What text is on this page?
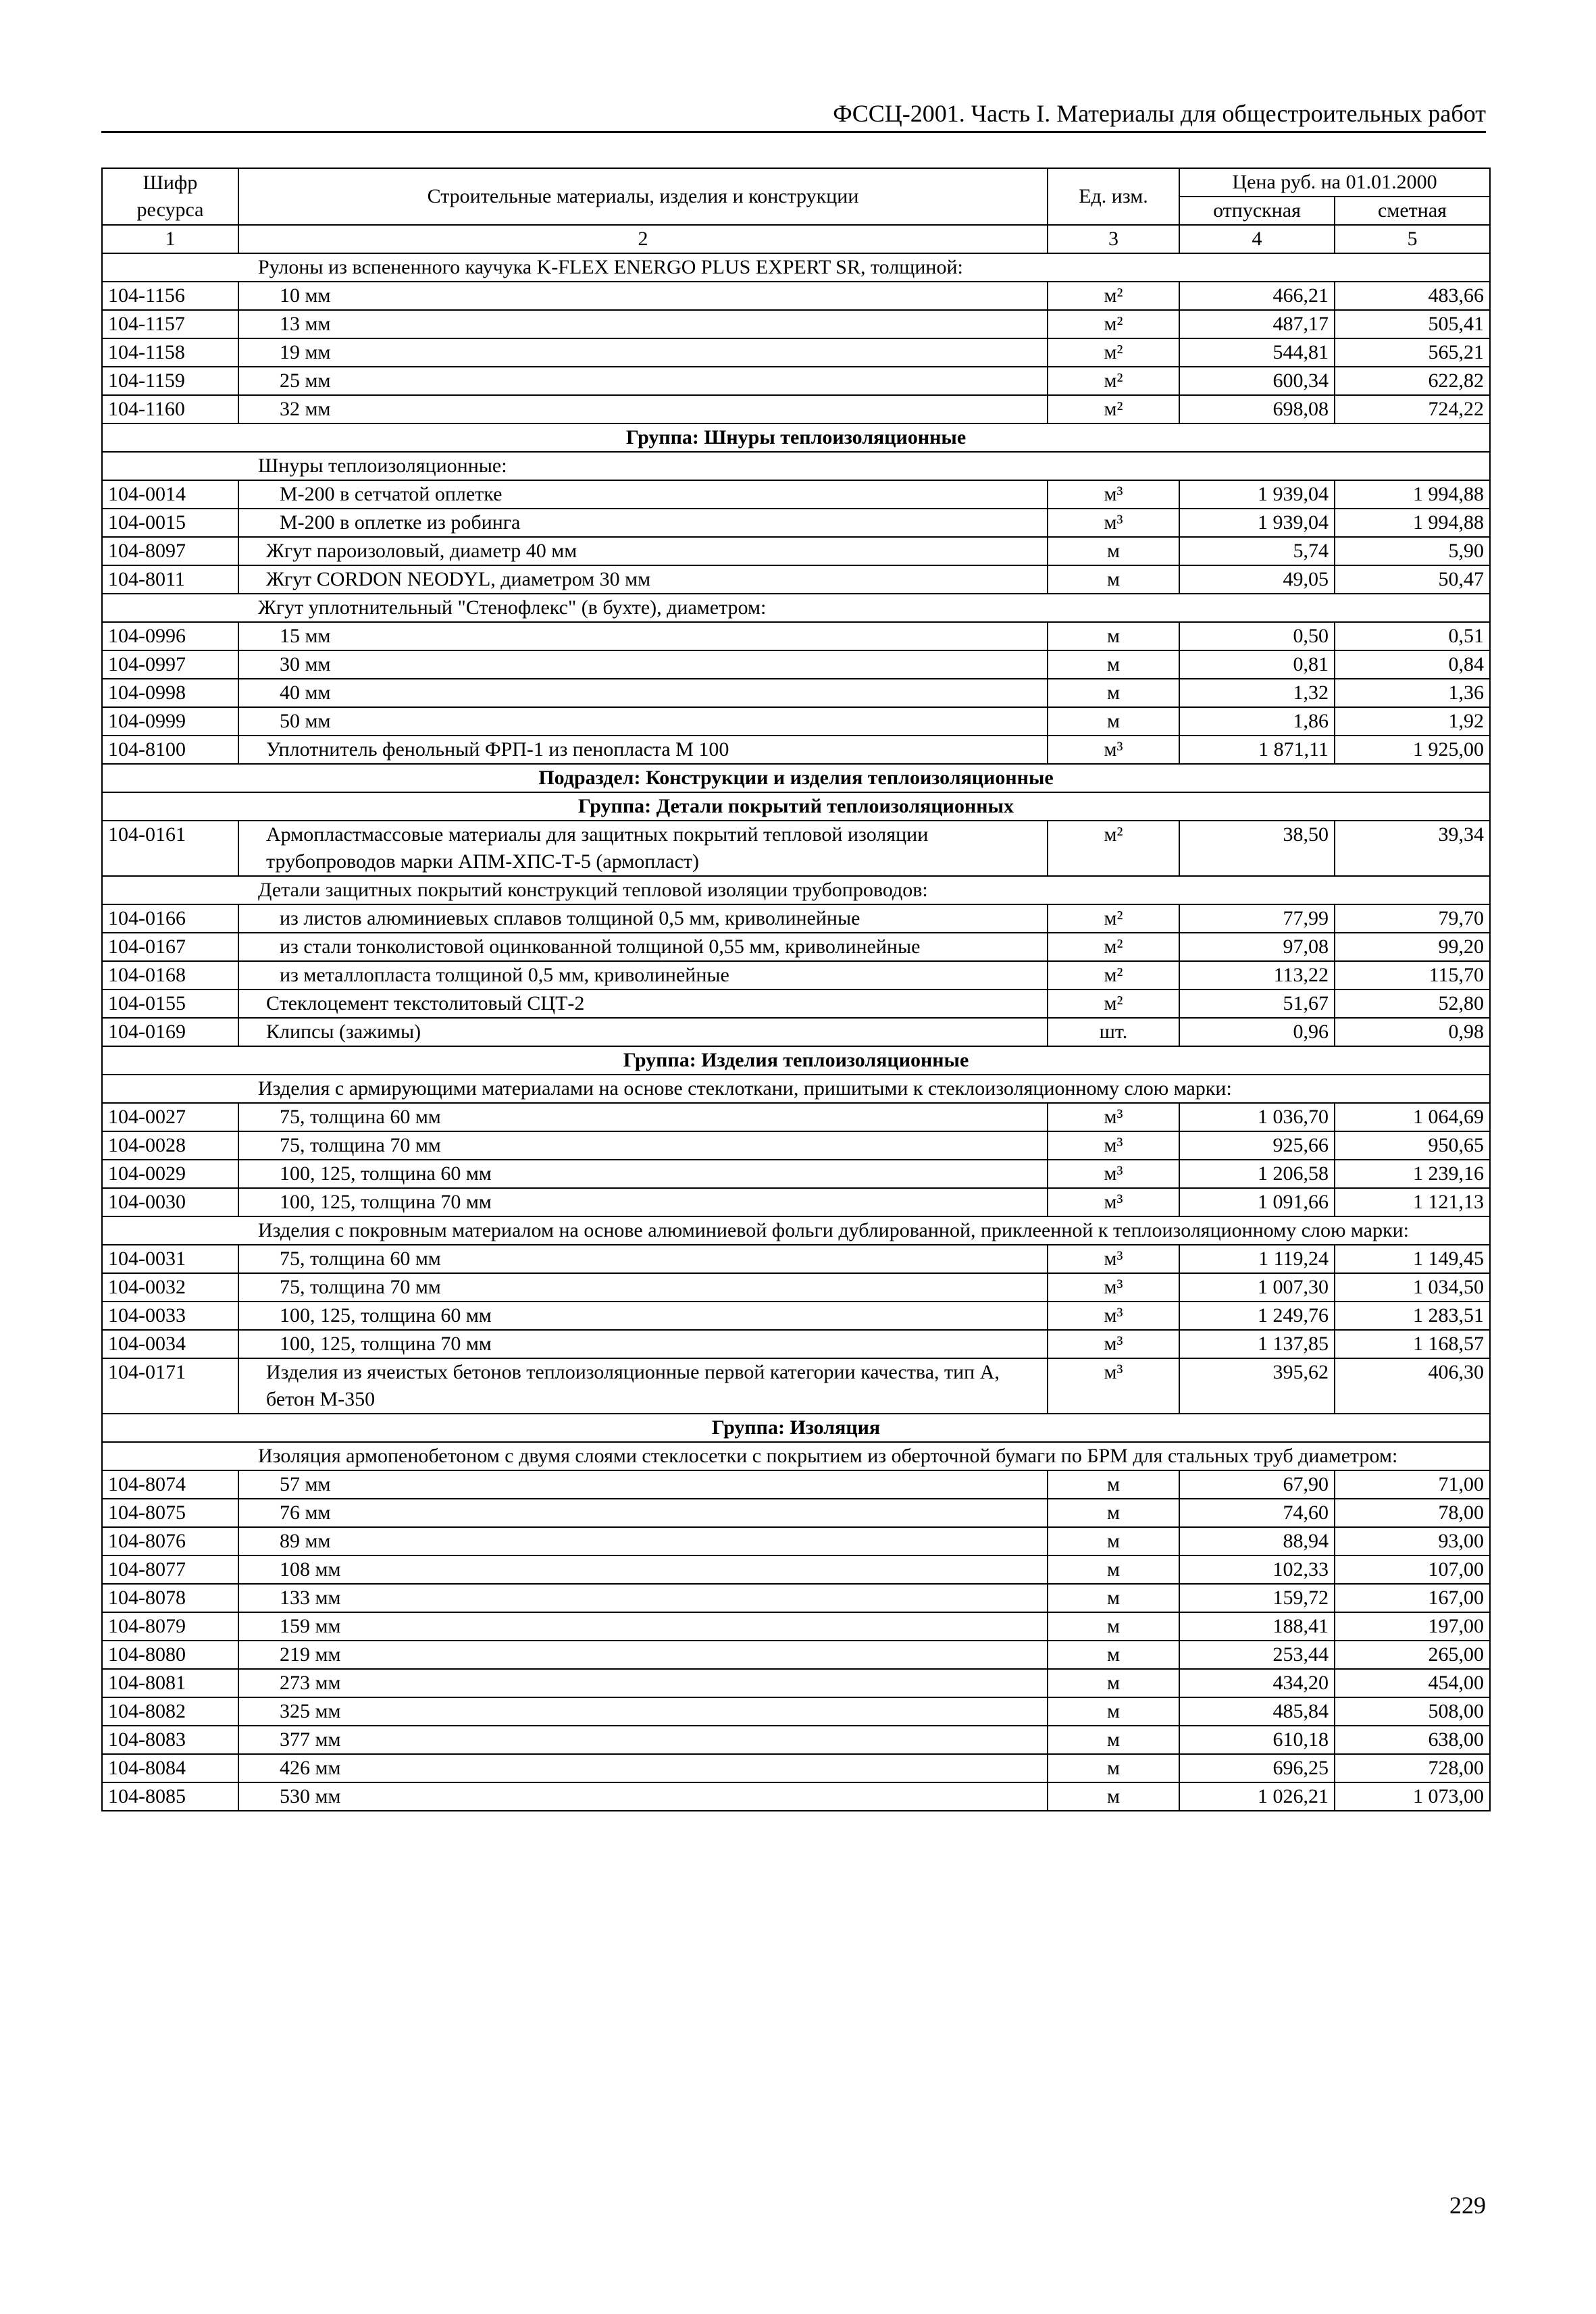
ФССЦ-2001. Часть I. Материалы для общестроительных работ
Шифр ресурса	Строительные материалы, изделия и конструкции	Ед. изм.	Цена руб. на 01.01.2000	
			отпускная	сметная
1	2	3	4	5
Рулоны из вспененного каучука K-FLEX ENERGO PLUS EXPERT SR, толщиной:				
104-1156	10 мм	м²	466,21	483,66
104-1157	13 мм	м²	487,17	505,41
104-1158	19 мм	м²	544,81	565,21
104-1159	25 мм	м²	600,34	622,82
104-1160	32 мм	м²	698,08	724,22
Группа: Шнуры теплоизоляционные				
Шнуры теплоизоляционные:				
104-0014	М-200 в сетчатой оплетке	м³	1 939,04	1 994,88
104-0015	М-200 в оплетке из робинга	м³	1 939,04	1 994,88
104-8097	Жгут пароизоловый, диаметр 40 мм	м	5,74	5,90
104-8011	Жгут CORDON NEODYL, диаметром 30 мм	м	49,05	50,47
Жгут уплотнительный "Стенофлекс" (в бухте), диаметром:				
104-0996	15 мм	м	0,50	0,51
104-0997	30 мм	м	0,81	0,84
104-0998	40 мм	м	1,32	1,36
104-0999	50 мм	м	1,86	1,92
104-8100	Уплотнитель фенольный ФРП-1 из пенопласта М 100	м³	1 871,11	1 925,00
Подраздел: Конструкции и изделия теплоизоляционные				
Группа: Детали покрытий теплоизоляционных				
104-0161	Армопластмассовые материалы для защитных покрытий тепловой изоляции трубопроводов марки АПМ-ХПС-Т-5 (армопласт)	м²	38,50	39,34
Детали защитных покрытий конструкций тепловой изоляции трубопроводов:				
104-0166	из листов алюминиевых сплавов толщиной 0,5 мм, криволинейные	м²	77,99	79,70
104-0167	из стали тонколистовой оцинкованной толщиной 0,55 мм, криволинейные	м²	97,08	99,20
104-0168	из металлопласта толщиной 0,5 мм, криволинейные	м²	113,22	115,70
104-0155	Стеклоцемент текстолитовый СЦТ-2	м²	51,67	52,80
104-0169	Клипсы (зажимы)	шт.	0,96	0,98
Группа: Изделия теплоизоляционные				
Изделия с армирующими материалами на основе стеклоткани, пришитыми к стеклоизоляционному слою марки:				
104-0027	75, толщина 60 мм	м³	1 036,70	1 064,69
104-0028	75, толщина 70 мм	м³	925,66	950,65
104-0029	100, 125, толщина 60 мм	м³	1 206,58	1 239,16
104-0030	100, 125, толщина 70 мм	м³	1 091,66	1 121,13
Изделия с покровным материалом на основе алюминиевой фольги дублированной, приклеенной к теплоизоляционному слою марки:				
104-0031	75, толщина 60 мм	м³	1 119,24	1 149,45
104-0032	75, толщина 70 мм	м³	1 007,30	1 034,50
104-0033	100, 125, толщина 60 мм	м³	1 249,76	1 283,51
104-0034	100, 125, толщина 70 мм	м³	1 137,85	1 168,57
104-0171	Изделия из ячеистых бетонов теплоизоляционные первой категории качества, тип А, бетон М-350	м³	395,62	406,30
Группа: Изоляция				
Изоляция армопенобетоном с двумя слоями стеклосетки с покрытием из оберточной бумаги по БРМ для стальных труб диаметром:				
104-8074	57 мм	м	67,90	71,00
104-8075	76 мм	м	74,60	78,00
104-8076	89 мм	м	88,94	93,00
104-8077	108 мм	м	102,33	107,00
104-8078	133 мм	м	159,72	167,00
104-8079	159 мм	м	188,41	197,00
104-8080	219 мм	м	253,44	265,00
104-8081	273 мм	м	434,20	454,00
104-8082	325 мм	м	485,84	508,00
104-8083	377 мм	м	610,18	638,00
104-8084	426 мм	м	696,25	728,00
104-8085	530 мм	м	1 026,21	1 073,00
229
